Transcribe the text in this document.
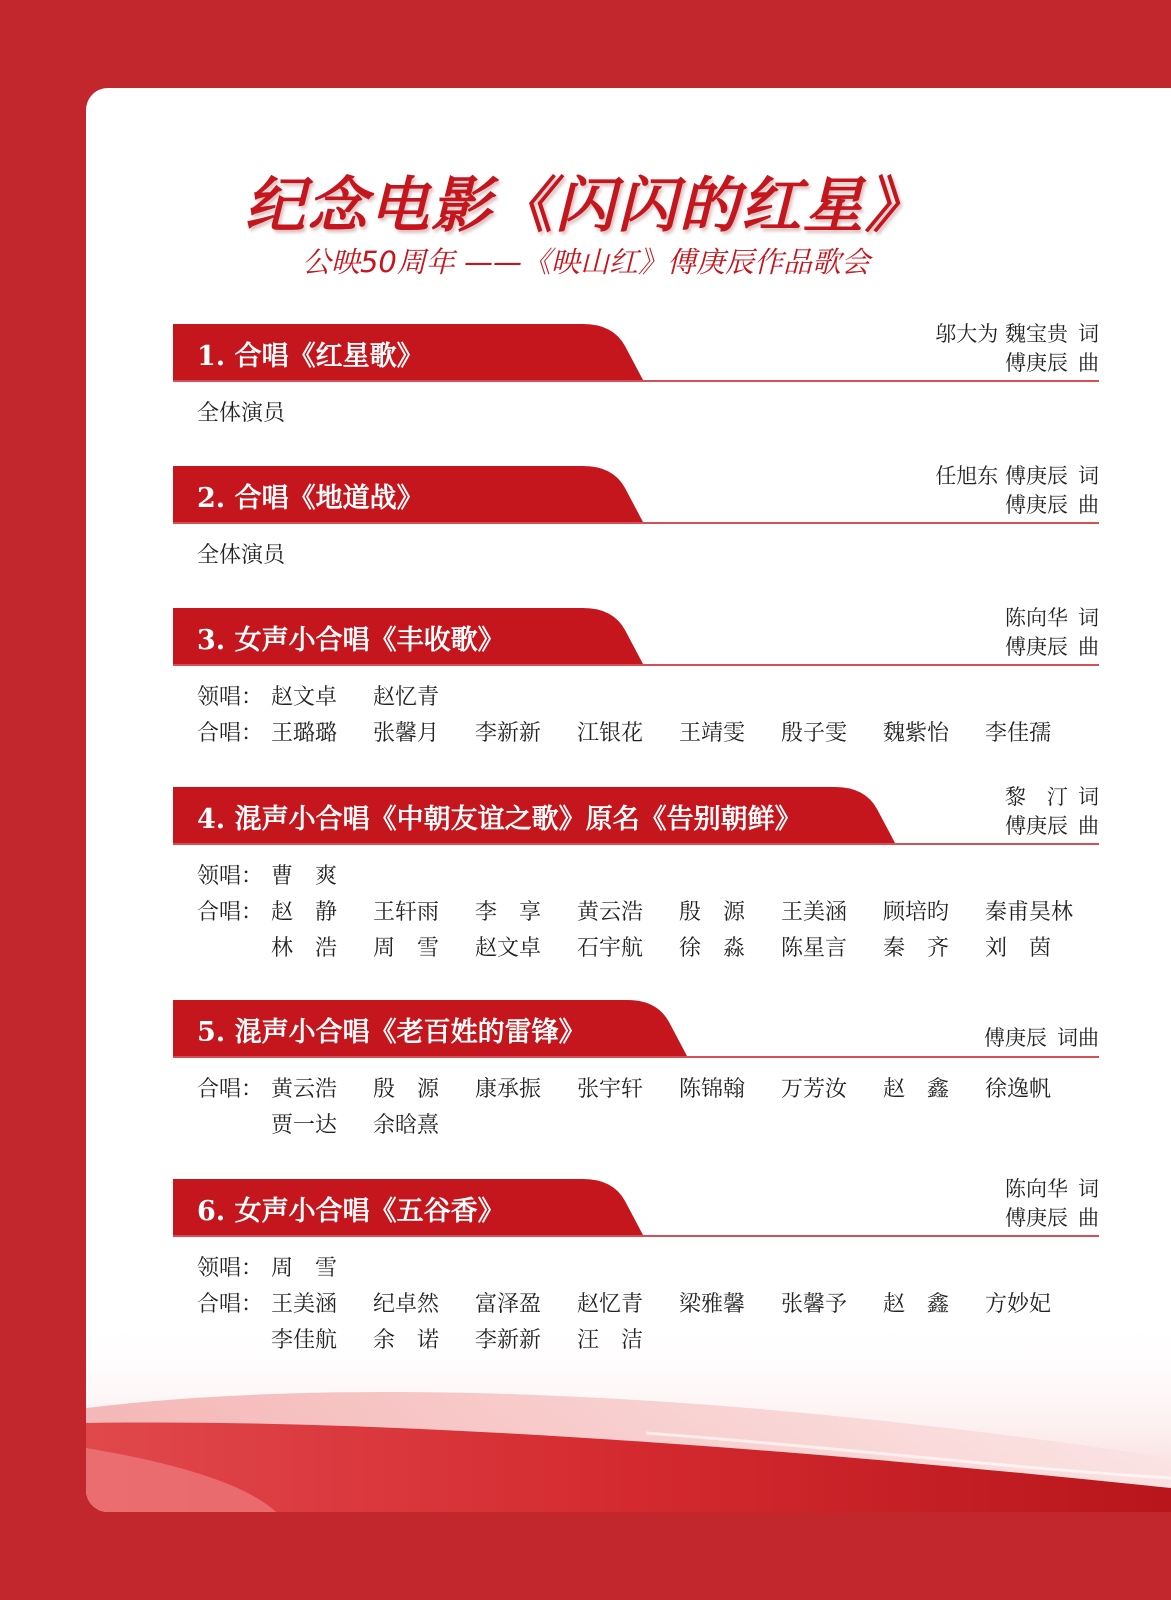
纪念电影《闪闪的红星》
公映50周年 ——《映山红》傅庚辰作品歌会
1. 合唱《红星歌》
邬大为 魏宝贵 词
傅庚辰 曲
全体演员
2. 合唱《地道战》
任旭东 傅庚辰 词
傅庚辰 曲
全体演员
3. 女声小合唱《丰收歌》
陈向华 词
傅庚辰 曲
领唱： 赵文卓	赵忆青
合唱： 王璐璐	张馨月	李新新	江银花	王靖雯	殷子雯	魏紫怡	李佳孺
4. 混声小合唱《中朝友谊之歌》原名《告别朝鲜》
黎　汀 词
傅庚辰 曲
领唱： 曹　爽
合唱： 赵　静	王轩雨	李　享	黄云浩	殷　源	王美涵	顾培昀	秦甫昊林
林　浩	周　雪	赵文卓	石宇航	徐　淼	陈星言	秦　齐	刘　茵
5. 混声小合唱《老百姓的雷锋》	傅庚辰 词曲
合唱： 黄云浩	殷　源	康承振	张宇轩	陈锦翰	万芳汝	赵　鑫	徐逸帆
贾一达	余晗熹
6. 女声小合唱《五谷香》
陈向华 词
傅庚辰 曲
领唱： 周　雪
合唱： 王美涵	纪卓然	富泽盈	赵忆青	梁雅馨	张馨予	赵　鑫	方妙妃
李佳航	余　诺	李新新	汪　洁
